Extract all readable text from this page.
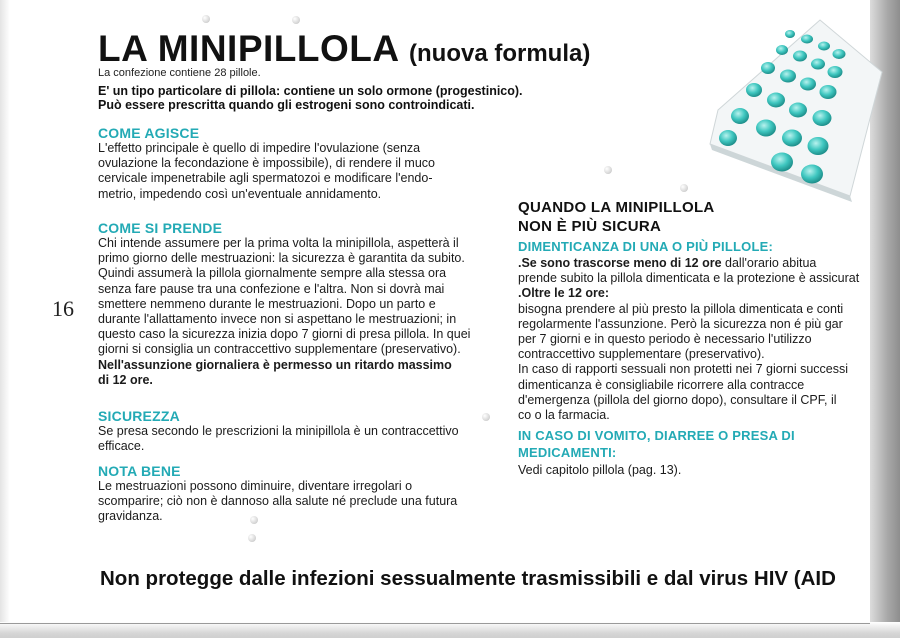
LA MINIPILLOLA (nuova formula)
La confezione contiene 28 pillole.
E' un tipo particolare di pillola: contiene un solo ormone (progestinico).
Può essere prescritta quando gli estrogeni sono controindicati.
16
COME AGISCE
L'effetto principale è quello di impedire l'ovulazione (senza
ovulazione la fecondazione è impossibile), di rendere il muco
cervicale impenetrabile agli spermatozoi e modificare l'endo-
metrio, impedendo così un'eventuale annidamento.
COME SI PRENDE
Chi intende assumere per la prima volta la minipillola, aspetterà il
primo giorno delle mestruazioni: la sicurezza è garantita da subito.
Quindi assumerà la pillola giornalmente sempre alla stessa ora
senza fare pause tra una confezione e l'altra. Non si dovrà mai
smettere nemmeno durante le mestruazioni. Dopo un parto e
durante l'allattamento invece non si aspettano le mestruazioni; in
questo caso la sicurezza inizia dopo 7 giorni di presa pillola. In quei
giorni si consiglia un contraccettivo supplementare (preservativo).
Nell'assunzione giornaliera è permesso un ritardo massimo
di 12 ore.
SICUREZZA
Se presa secondo le prescrizioni la minipillola è un contraccettivo
efficace.
NOTA BENE
Le mestruazioni possono diminuire, diventare irregolari o
scomparire; ciò non è dannoso alla salute né preclude una futura
gravidanza.
QUANDO LA MINIPILLOLA
NON È PIÙ SICURA
DIMENTICANZA DI UNA O PIÙ PILLOLE:
.Se sono trascorse meno di 12 ore dall'orario abitua
prende subito la pillola dimenticata e la protezione è assicurat
.Oltre le 12 ore:
bisogna prendere al più presto la pillola dimenticata e conti
regolarmente l'assunzione. Però la sicurezza non é più gar
per 7 giorni e in questo periodo è necessario l'utilizzo
contraccettivo supplementare (preservativo).
In caso di rapporti sessuali non protetti nei 7 giorni successi
dimenticanza è consigliabile ricorrere alla contracce
d'emergenza (pillola del giorno dopo), consultare il CPF, il
co o la farmacia.
IN CASO DI VOMITO, DIARREE O PRESA DI
MEDICAMENTI:
Vedi capitolo pillola (pag. 13).
Non protegge dalle infezioni sessualmente trasmissibili e dal virus HIV (AID
